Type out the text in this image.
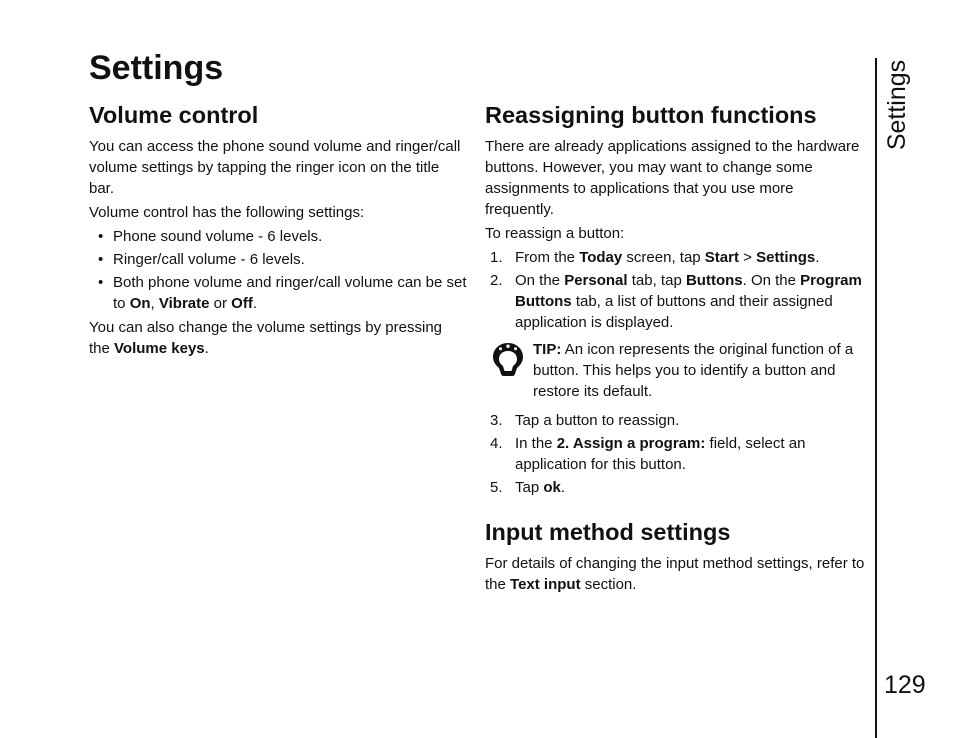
Settings
Volume control

You can access the phone sound volume and ringer/call volume settings by tapping the ringer icon on the title bar.

Volume control has the following settings:

• Phone sound volume - 6 levels.
• Ringer/call volume - 6 levels.
• Both phone volume and ringer/call volume can be set to On, Vibrate or Off.

You can also change the volume settings by pressing the Volume keys.

Reassigning button functions

There are already applications assigned to the hardware buttons. However, you may want to change some assignments to applications that you use more frequently.

To reassign a button:

1. From the Today screen, tap Start > Settings.
2. On the Personal tab, tap Buttons. On the Program Buttons tab, a list of buttons and their assigned application is displayed.
TIP: An icon represents the original function of a button. This helps you to identify a button and restore its default.
3. Tap a button to reassign.
4. In the 2. Assign a program: field, select an application for this button.
5. Tap ok.
Input method settings

For details of changing the input method settings, refer to the Text input section.

Settings
129
